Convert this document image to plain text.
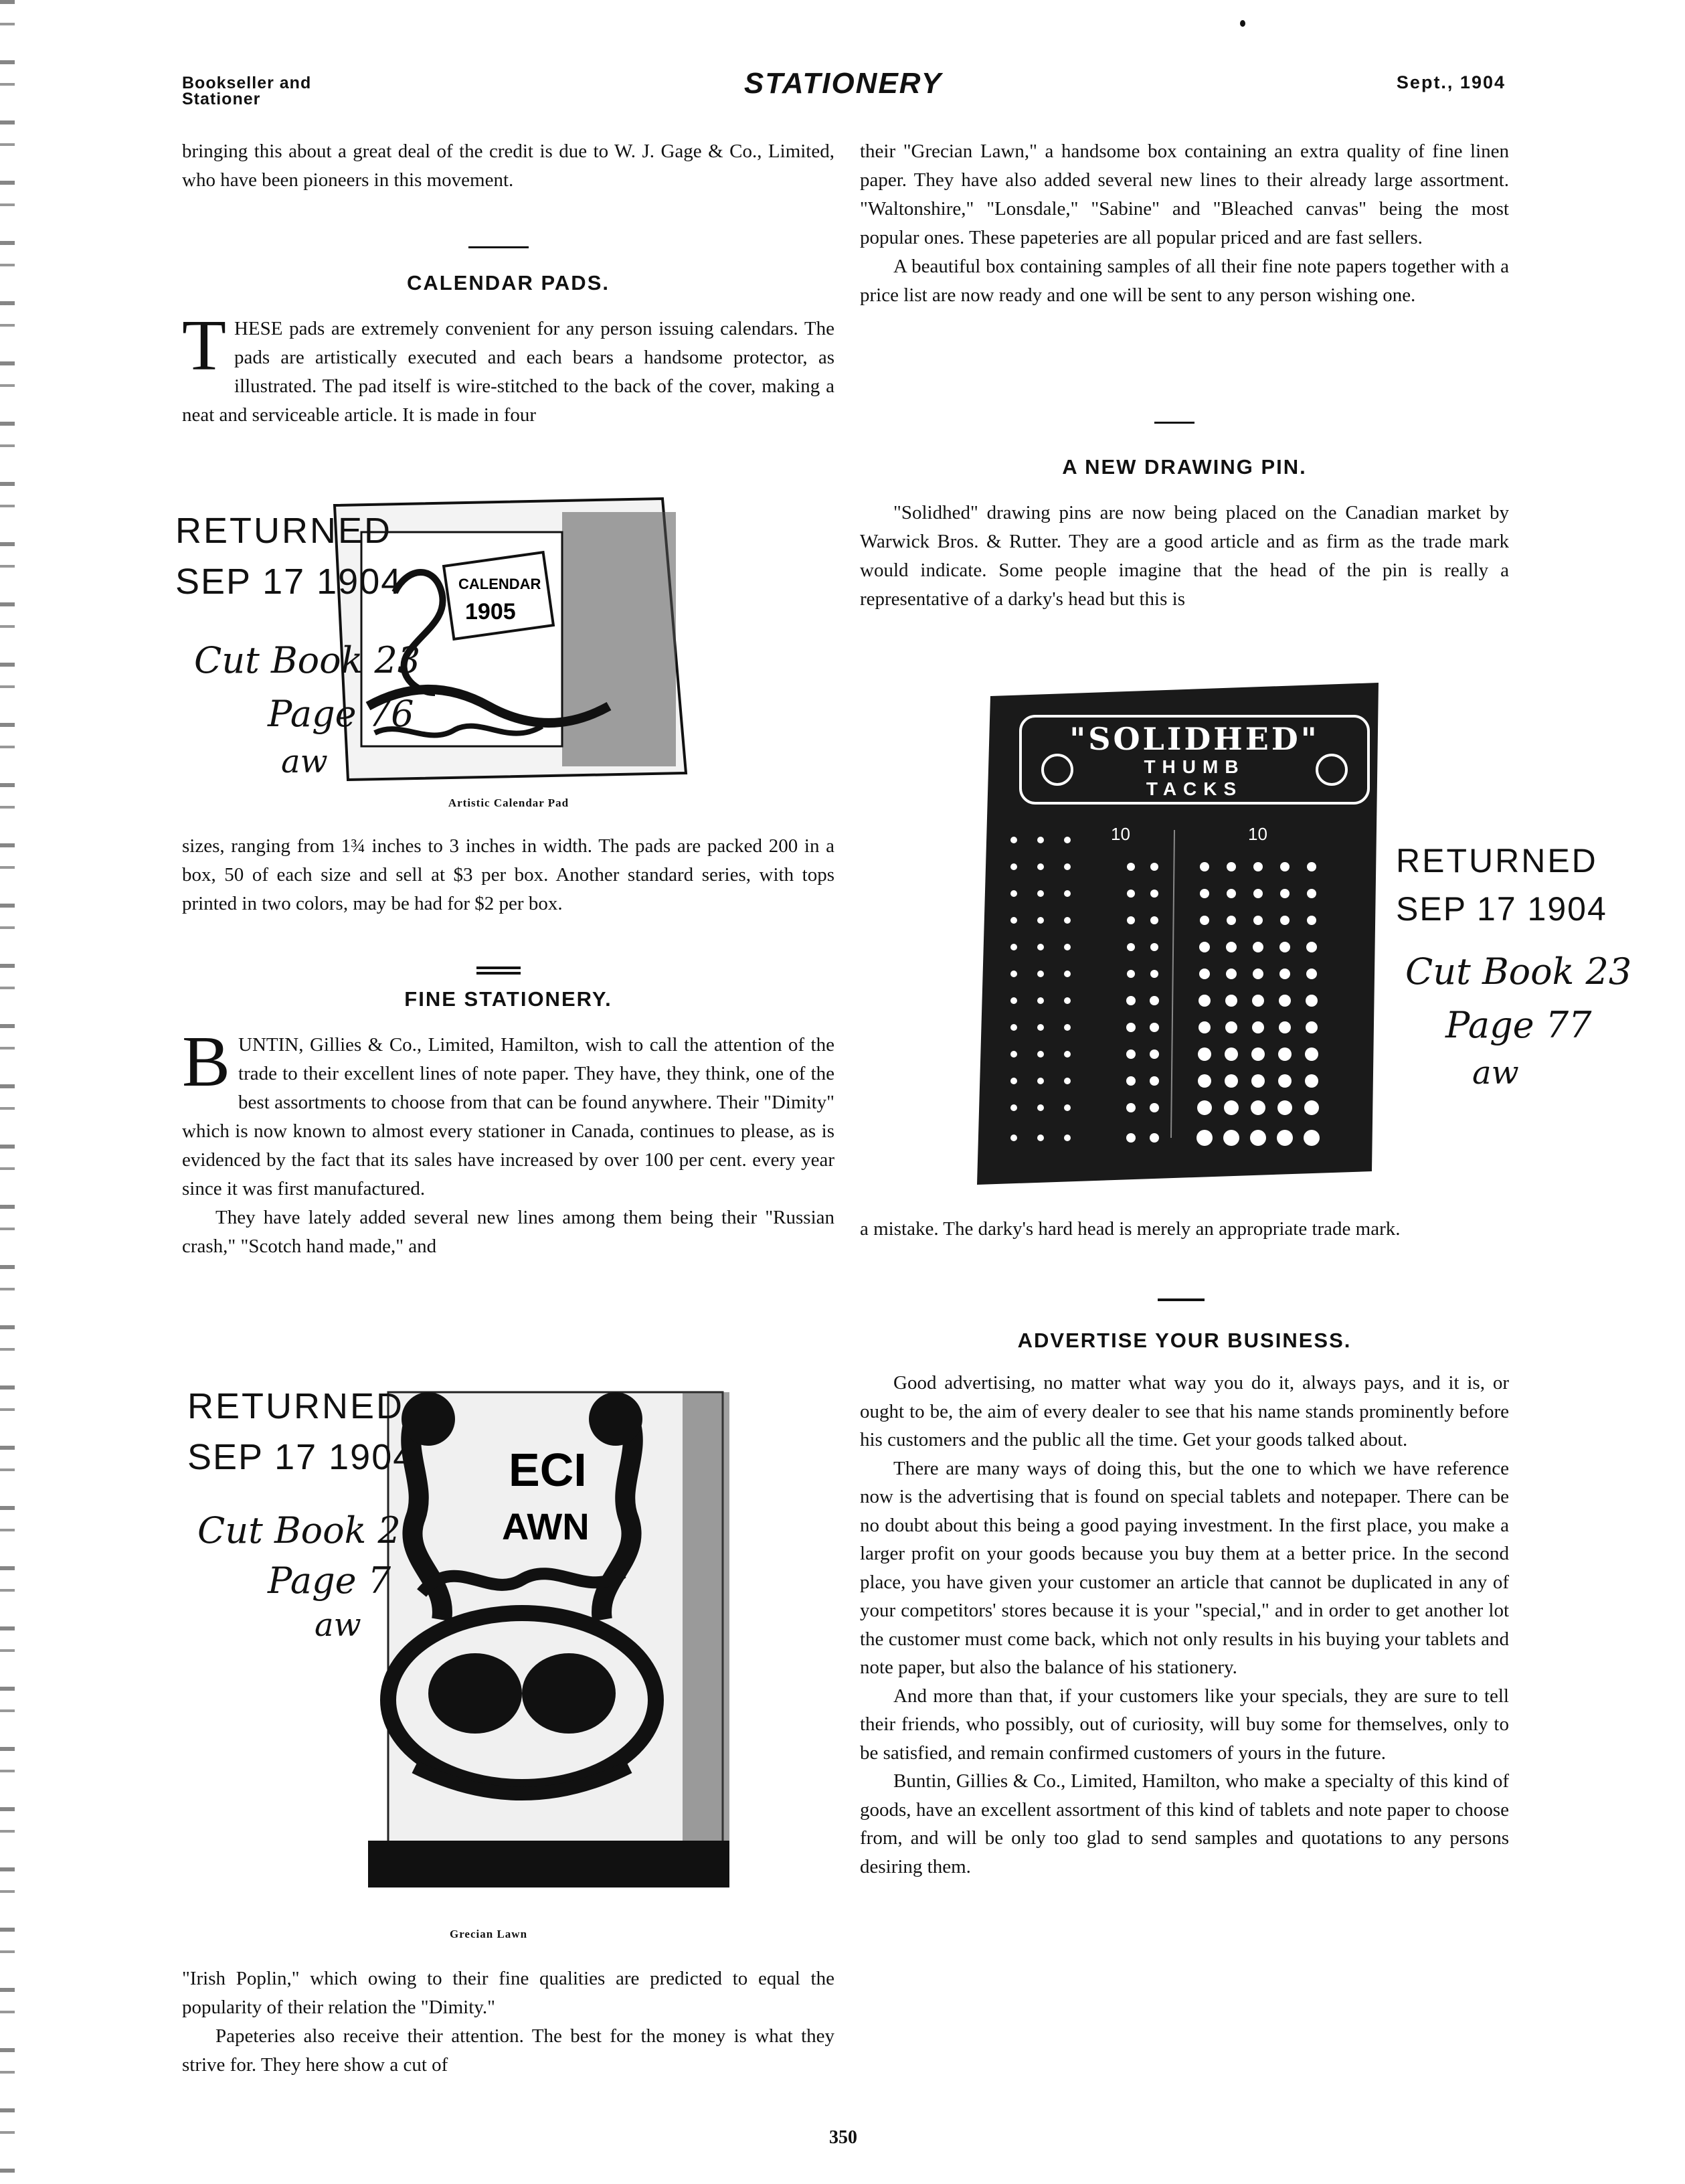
Bookseller and
Stationer	STATIONERY	Sept., 1904

bringing this about a great deal of the credit is due to W. J. Gage & Co., Limited, who have been pioneers in this movement.

CALENDAR PADS.

THESE pads are extremely convenient for any person issuing calendars. The pads are artistically executed and each bears a handsome protector, as illustrated. The pad itself is wire-stitched to the back of the cover, making a neat and serviceable article. It is made in four

CALENDAR
1905
RETURNED
SEP 17 1904
Cut Book 23
Page 76
aw
Artistic Calendar Pad

sizes, ranging from 1¾ inches to 3 inches in width. The pads are packed 200 in a box, 50 of each size and sell at $3 per box. Another standard series, with tops printed in two colors, may be had for $2 per box.

FINE STATIONERY.

BUNTIN, Gillies & Co., Limited, Hamilton, wish to call the attention of the trade to their excellent lines of note paper. They have, they think, one of the best assortments to choose from that can be found anywhere. Their "Dimity" which is now known to almost every stationer in Canada, continues to please, as is evidenced by the fact that its sales have increased by over 100 per cent. every year since it was first manufactured.

They have lately added several new lines among them being their "Russian crash," "Scotch hand made," and

ECI
AWN
RETURNED
SEP 17 1904
Cut Book 2
Page 7
aw
Grecian Lawn

"Irish Poplin," which owing to their fine qualities are predicted to equal the popularity of their relation the "Dimity."

Papeteries also receive their attention. The best for the money is what they strive for. They here show a cut of

their "Grecian Lawn," a handsome box containing an extra quality of fine linen paper. They have also added several new lines to their already large assortment. "Waltonshire," "Lonsdale," "Sabine" and "Bleached canvas" being the most popular ones. These papeteries are all popular priced and are fast sellers.

A beautiful box containing samples of all their fine note papers together with a price list are now ready and one will be sent to any person wishing one.

A NEW DRAWING PIN.

"Solidhed" drawing pins are now being placed on the Canadian market by Warwick Bros. & Rutter. They are a good article and as firm as the trade mark would indicate. Some people imagine that the head of the pin is really a representative of a darky's head but this is

"SOLIDHED"
THUMB
TACKS
10	10
RETURNED
SEP 17 1904
Cut Book 23
Page 77
aw

a mistake. The darky's hard head is merely an appropriate trade mark.

ADVERTISE YOUR BUSINESS.

Good advertising, no matter what way you do it, always pays, and it is, or ought to be, the aim of every dealer to see that his name stands prominently before his customers and the public all the time. Get your goods talked about.

There are many ways of doing this, but the one to which we have reference now is the advertising that is found on special tablets and notepaper. There can be no doubt about this being a good paying investment. In the first place, you make a larger profit on your goods because you buy them at a better price. In the second place, you have given your customer an article that cannot be duplicated in any of your competitors' stores because it is your "special," and in order to get another lot the customer must come back, which not only results in his buying your tablets and note paper, but also the balance of his stationery.

And more than that, if your customers like your specials, they are sure to tell their friends, who possibly, out of curiosity, will buy some for themselves, only to be satisfied, and remain confirmed customers of yours in the future.

Buntin, Gillies & Co., Limited, Hamilton, who make a specialty of this kind of goods, have an excellent assortment of this kind of tablets and note paper to choose from, and will be only too glad to send samples and quotations to any persons desiring them.

350
